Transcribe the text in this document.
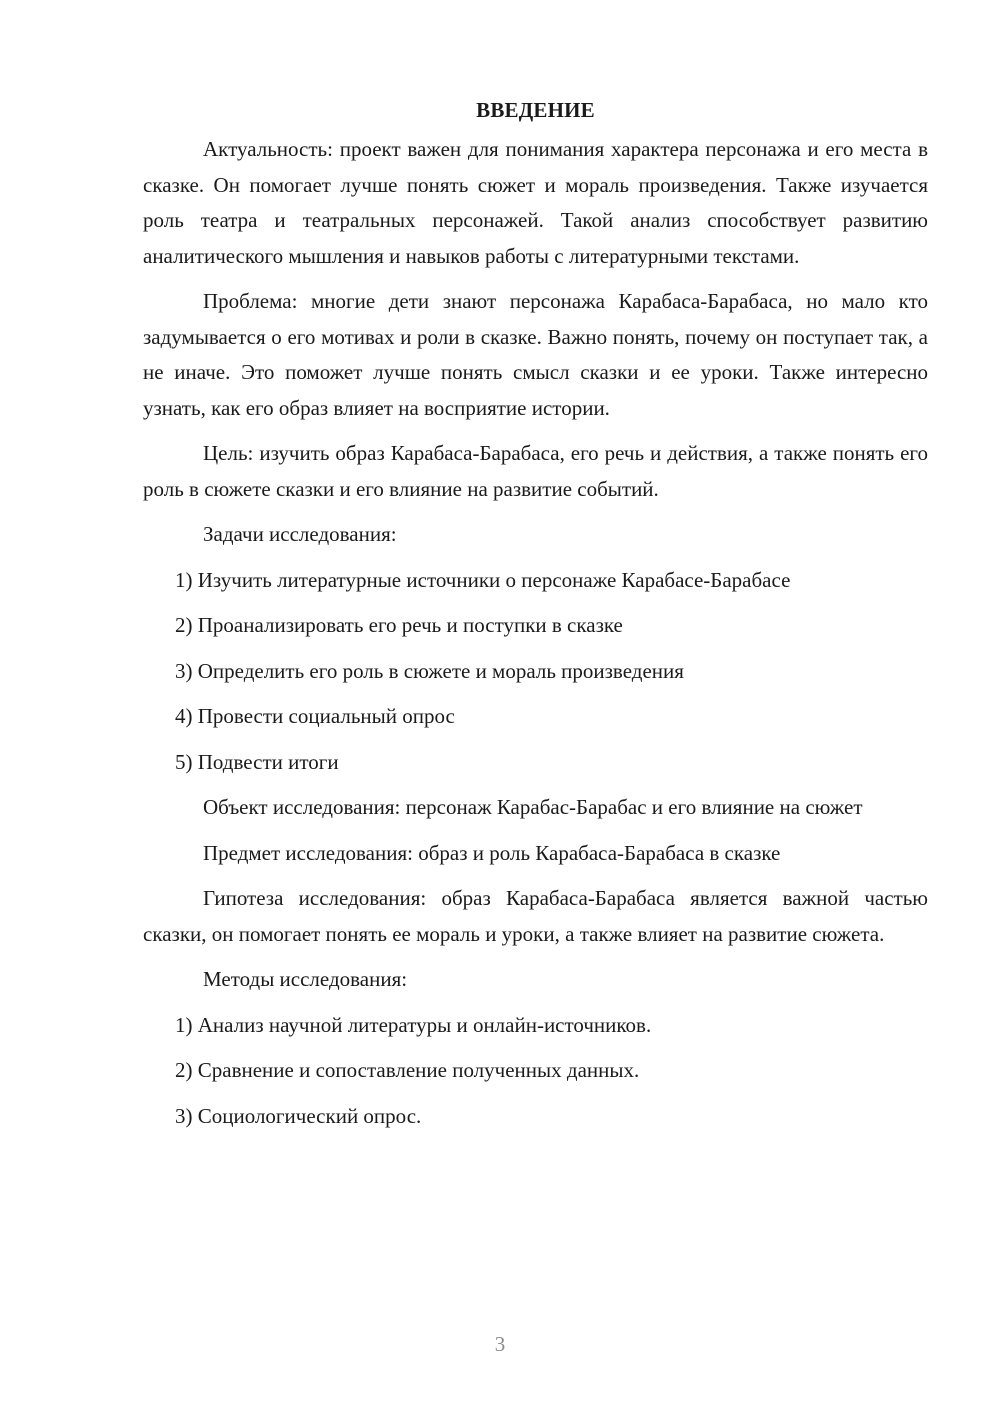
ВВЕДЕНИЕ

Актуальность: проект важен для понимания характера персонажа и его места в сказке. Он помогает лучше понять сюжет и мораль произведения. Также изучается роль театра и театральных персонажей. Такой анализ способствует развитию аналитического мышления и навыков работы с литературными текстами.

Проблема: многие дети знают персонажа Карабаса-Барабаса, но мало кто задумывается о его мотивах и роли в сказке. Важно понять, почему он поступает так, а не иначе. Это поможет лучше понять смысл сказки и ее уроки. Также интересно узнать, как его образ влияет на восприятие истории.

Цель: изучить образ Карабаса-Барабаса, его речь и действия, а также понять его роль в сюжете сказки и его влияние на развитие событий.

Задачи исследования:
1) Изучить литературные источники о персонаже Карабасе-Барабасе
2) Проанализировать его речь и поступки в сказке
3) Определить его роль в сюжете и мораль произведения
4) Провести социальный опрос
5) Подвести итоги

Объект исследования: персонаж Карабас-Барабас и его влияние на сюжет

Предмет исследования: образ и роль Карабаса-Барабаса в сказке

Гипотеза исследования: образ Карабаса-Барабаса является важной частью сказки, он помогает понять ее мораль и уроки, а также влияет на развитие сюжета.

Методы исследования:
1) Анализ научной литературы и онлайн-источников.
2) Сравнение и сопоставление полученных данных.
3) Социологический опрос.
3
